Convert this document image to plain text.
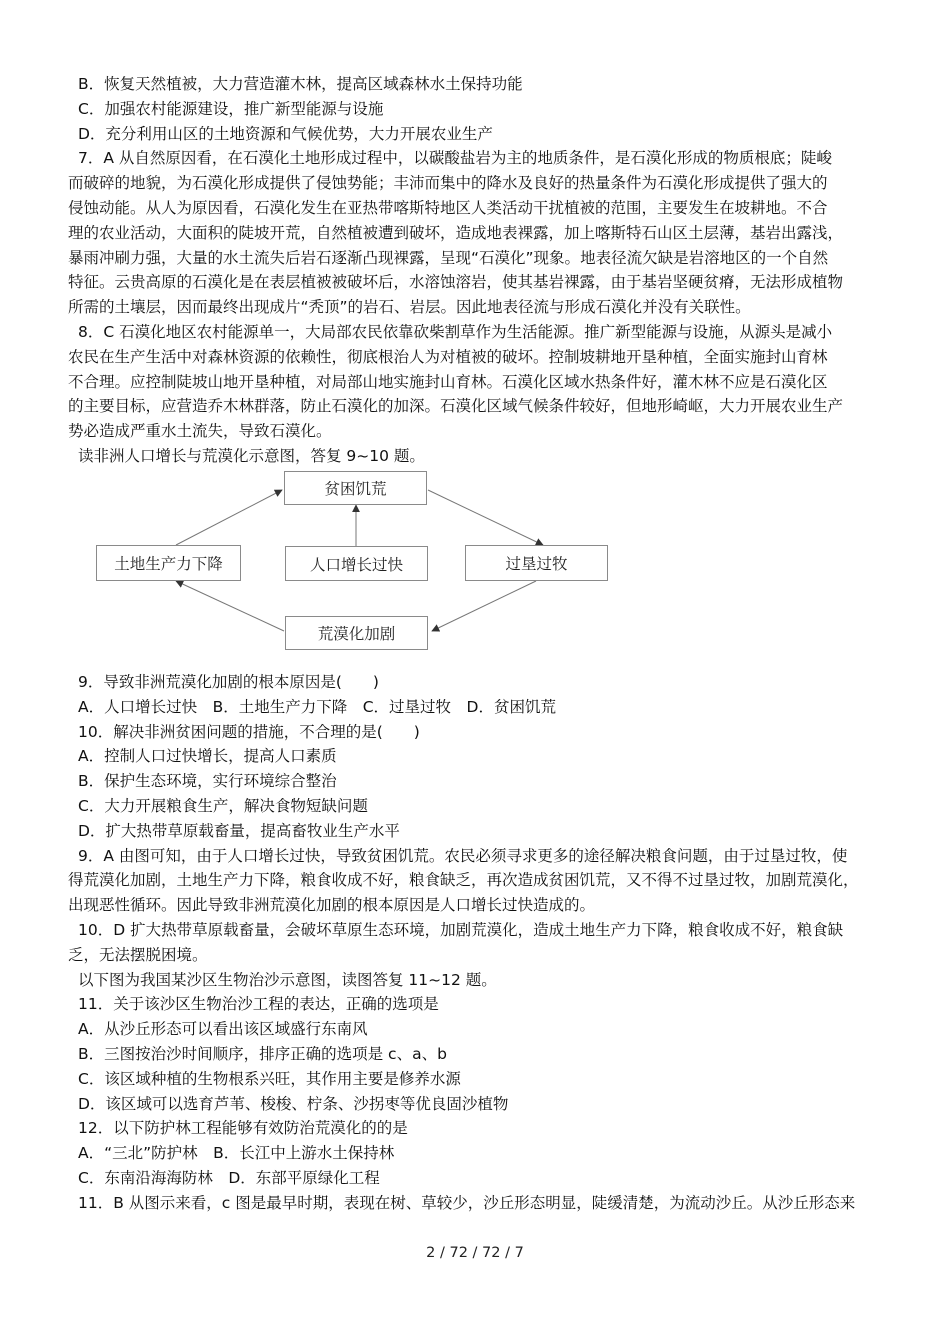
B．恢复天然植被，大力营造灌木林，提高区域森林水土保持功能
C．加强农村能源建设，推广新型能源与设施
D．充分利用山区的土地资源和气候优势，大力开展农业生产
7．A 从自然原因看，在石漠化土地形成过程中，以碳酸盐岩为主的地质条件，是石漠化形成的物质根底；陡峻
而破碎的地貌，为石漠化形成提供了侵蚀势能；丰沛而集中的降水及良好的热量条件为石漠化形成提供了强大的
侵蚀动能。从人为原因看，石漠化发生在亚热带喀斯特地区人类活动干扰植被的范围，主要发生在坡耕地。不合
理的农业活动，大面积的陡坡开荒，自然植被遭到破坏，造成地表裸露，加上喀斯特石山区土层薄，基岩出露浅，
暴雨冲刷力强，大量的水土流失后岩石逐渐凸现裸露，呈现“石漠化”现象。地表径流欠缺是岩溶地区的一个自然
特征。云贵高原的石漠化是在表层植被被破坏后，水溶蚀溶岩，使其基岩裸露，由于基岩坚硬贫瘠，无法形成植物
所需的土壤层，因而最终出现成片“秃顶”的岩石、岩层。因此地表径流与形成石漠化并没有关联性。
8．C 石漠化地区农村能源单一，大局部农民依靠砍柴割草作为生活能源。推广新型能源与设施，从源头是减小
农民在生产生活中对森林资源的依赖性，彻底根治人为对植被的破坏。控制坡耕地开垦种植，全面实施封山育林
不合理。应控制陡坡山地开垦种植，对局部山地实施封山育林。石漠化区域水热条件好，灌木林不应是石漠化区
的主要目标，应营造乔木林群落，防止石漠化的加深。石漠化区域气候条件较好，但地形崎岖，大力开展农业生产
势必造成严重水土流失，导致石漠化。
读非洲人口增长与荒漠化示意图，答复 9~10 题。
贫困饥荒
土地生产力下降	人口增长过快	过垦过牧
荒漠化加剧
9．导致非洲荒漠化加剧的根本原因是(　　)
A．人口增长过快　B．土地生产力下降　C．过垦过牧　D．贫困饥荒
10．解决非洲贫困问题的措施，不合理的是(　　)
A．控制人口过快增长，提高人口素质
B．保护生态环境，实行环境综合整治
C．大力开展粮食生产，解决食物短缺问题
D．扩大热带草原载畜量，提高畜牧业生产水平
9．A 由图可知，由于人口增长过快，导致贫困饥荒。农民必须寻求更多的途径解决粮食问题，由于过垦过牧，使
得荒漠化加剧，土地生产力下降，粮食收成不好，粮食缺乏，再次造成贫困饥荒，又不得不过垦过牧，加剧荒漠化，
出现恶性循环。因此导致非洲荒漠化加剧的根本原因是人口增长过快造成的。
10．D 扩大热带草原载畜量，会破坏草原生态环境，加剧荒漠化，造成土地生产力下降，粮食收成不好，粮食缺
乏，无法摆脱困境。
以下图为我国某沙区生物治沙示意图，读图答复 11~12 题。
11．关于该沙区生物治沙工程的表达，正确的选项是
A．从沙丘形态可以看出该区域盛行东南风
B．三图按治沙时间顺序，排序正确的选项是 c、a、b
C．该区域种植的生物根系兴旺，其作用主要是修养水源
D．该区域可以选育芦苇、梭梭、柠条、沙拐枣等优良固沙植物
12．以下防护林工程能够有效防治荒漠化的的是
A．“三北”防护林　B．长江中上游水土保持林
C．东南沿海海防林　D．东部平原绿化工程
11．B 从图示来看，c 图是最早时期，表现在树、草较少，沙丘形态明显，陡缓清楚，为流动沙丘。从沙丘形态来
2 / 72 / 72 / 7
